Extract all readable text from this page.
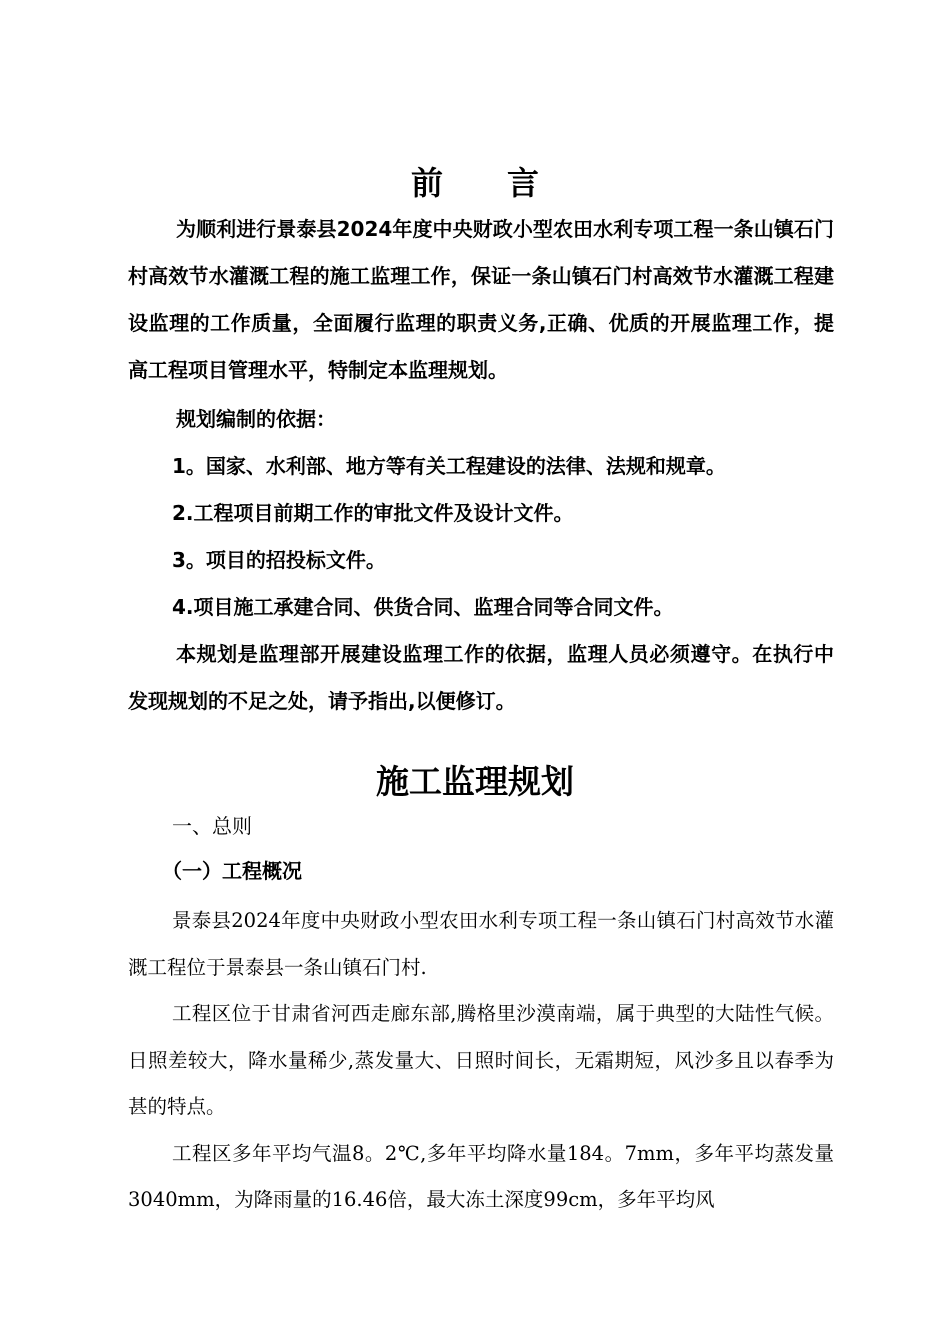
前言

为顺利进行景泰县2024年度中央财政小型农田水利专项工程一条山镇石门村高效节水灌溉工程的施工监理工作，保证一条山镇石门村高效节水灌溉工程建设监理的工作质量，全面履行监理的职责义务,正确、优质的开展监理工作，提高工程项目管理水平，特制定本监理规划。

规划编制的依据：

1。国家、水利部、地方等有关工程建设的法律、法规和规章。

2.工程项目前期工作的审批文件及设计文件。

3。项目的招投标文件。

4.项目施工承建合同、供货合同、监理合同等合同文件。

本规划是监理部开展建设监理工作的依据，监理人员必须遵守。在执行中发现规划的不足之处，请予指出,以便修订。

施工监理规划
一、总则
（一）工程概况

景泰县2024年度中央财政小型农田水利专项工程一条山镇石门村高效节水灌溉工程位于景泰县一条山镇石门村.

工程区位于甘肃省河西走廊东部,腾格里沙漠南端，属于典型的大陆性气候。日照差较大，降水量稀少,蒸发量大、日照时间长，无霜期短，风沙多且以春季为甚的特点。

工程区多年平均气温8。2℃,多年平均降水量184。7mm，多年平均蒸发量3040mm，为降雨量的16.46倍，最大冻土深度99cm，多年平均风
